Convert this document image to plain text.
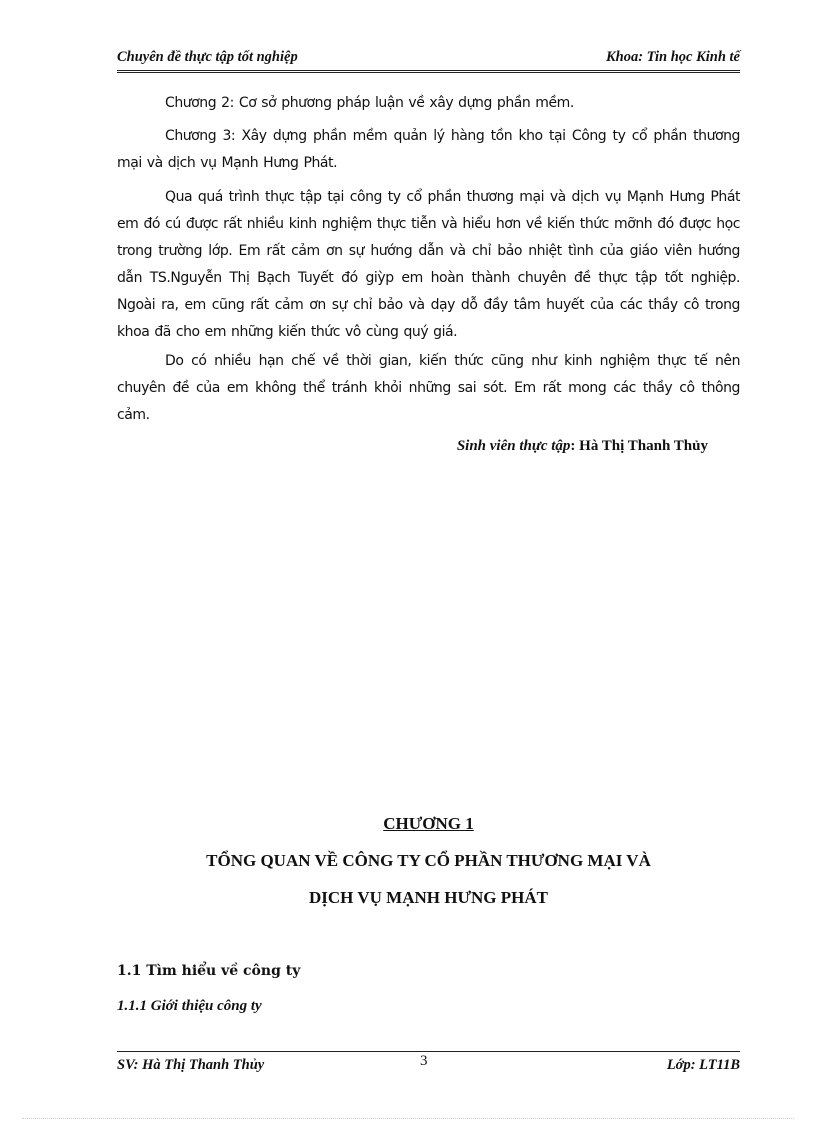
Chuyên đề thực tập tốt nghiệp	Khoa: Tin học Kinh tế

Chương 2: Cơ sở phương pháp luận về xây dựng phần mềm.

Chương 3: Xây dựng phần mềm quản lý hàng tồn kho tại Công ty cổ phần thương mại và dịch vụ Mạnh Hưng Phát.

Qua quá trình thực tập tại công ty cổ phần thương mại và dịch vụ Mạnh Hưng Phát em đó cú được rất nhiều kinh nghiệm thực tiễn và hiểu hơn về kiến thức mỡnh đó được học trong trường lớp. Em rất cảm ơn sự hướng dẫn và chỉ bảo nhiệt tình của giáo viên hướng dẫn TS.Nguyễn Thị Bạch Tuyết đó giỳp em hoàn thành chuyên đề thực tập tốt nghiệp. Ngoài ra, em cũng rất cảm ơn sự chỉ bảo và dạy dỗ đầy tâm huyết của các thầy cô trong khoa đã cho em những kiến thức vô cùng quý giá.

Do có nhiều hạn chế về thời gian, kiến thức cũng như kinh nghiệm thực tế nên chuyên đề của em không thể tránh khỏi những sai sót. Em rất mong các thầy cô thông cảm.

Sinh viên thực tập: Hà Thị Thanh Thủy
CHƯƠNG 1
TỔNG QUAN VỀ CÔNG TY CỔ PHẦN THƯƠNG MẠI VÀ
DỊCH VỤ MẠNH HƯNG PHÁT
1.1 Tìm hiểu về công ty
1.1.1 Giới thiệu công ty
SV: Hà Thị Thanh Thủy	3	Lớp: LT11B
